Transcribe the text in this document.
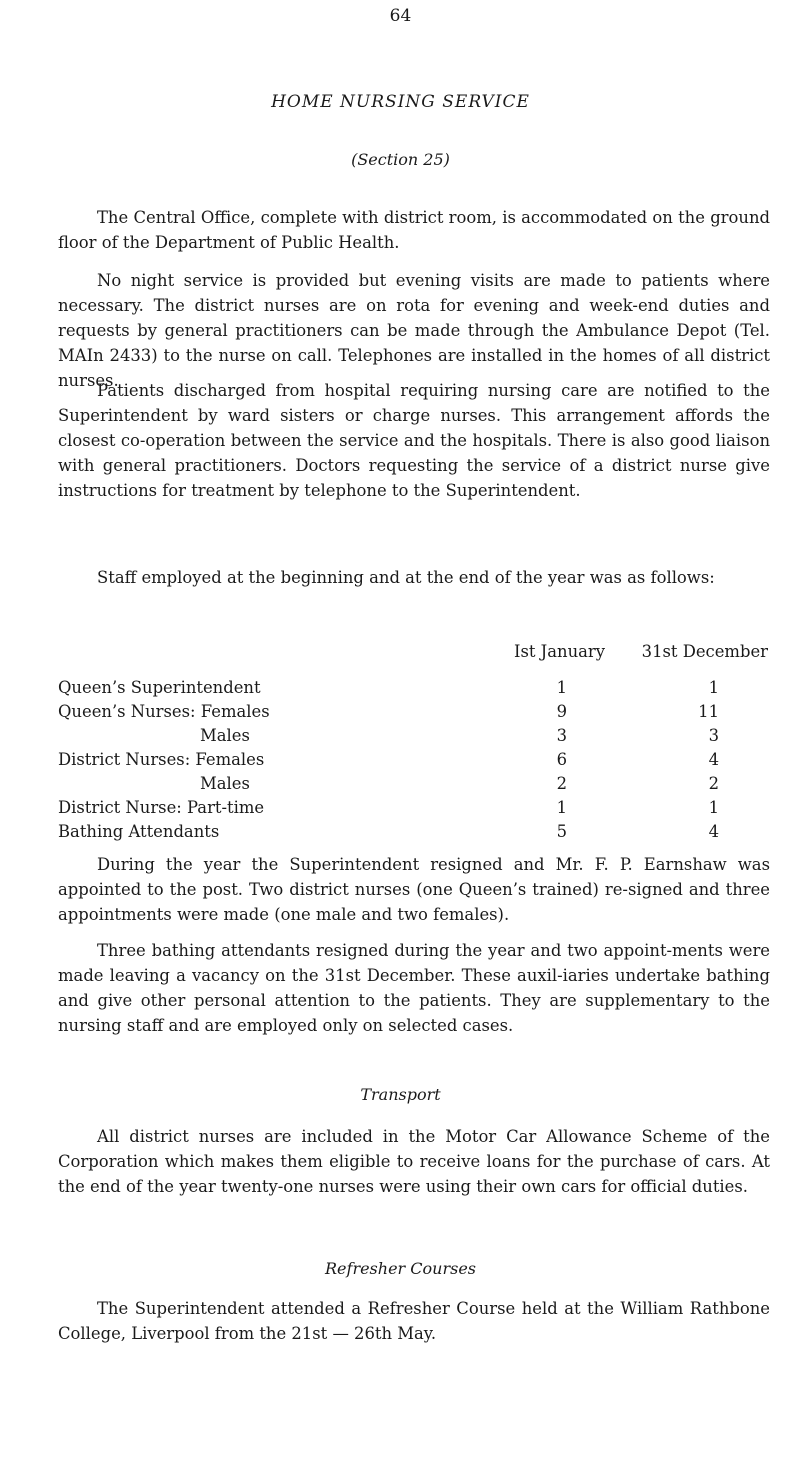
64
HOME NURSING SERVICE
(Section 25)

The Central Office, complete with district room, is accommodated on the ground floor of the Department of Public Health.

No night service is provided but evening visits are made to patients where necessary. The district nurses are on rota for evening and week-end duties and requests by general practitioners can be made through the Ambulance Depot (Tel. MAIn 2433) to the nurse on call. Telephones are installed in the homes of all district nurses.

Patients discharged from hospital requiring nursing care are notified to the Superintendent by ward sisters or charge nurses. This arrangement affords the closest co-operation between the service and the hospitals. There is also good liaison with general practitioners. Doctors requesting the service of a district nurse give instructions for treatment by telephone to the Superintendent.

Staff employed at the beginning and at the end of the year was as follows:

Ist January 31st December
Queen’s Superintendent	1	1
Queen’s Nurses: Females	9	11
Males	3	3
District Nurses: Females	6	4
Males	2	2
District Nurse: Part-time	1	1
Bathing Attendants	5	4

During the year the Superintendent resigned and Mr. F. P. Earnshaw was appointed to the post. Two district nurses (one Queen’s trained) re-signed and three appointments were made (one male and two females).

Three bathing attendants resigned during the year and two appoint-ments were made leaving a vacancy on the 31st December. These auxil-iaries undertake bathing and give other personal attention to the patients. They are supplementary to the nursing staff and are employed only on selected cases.

Transport

All district nurses are included in the Motor Car Allowance Scheme of the Corporation which makes them eligible to receive loans for the purchase of cars. At the end of the year twenty-one nurses were using their own cars for official duties.

Refresher Courses

The Superintendent attended a Refresher Course held at the William Rathbone College, Liverpool from the 21st — 26th May.
